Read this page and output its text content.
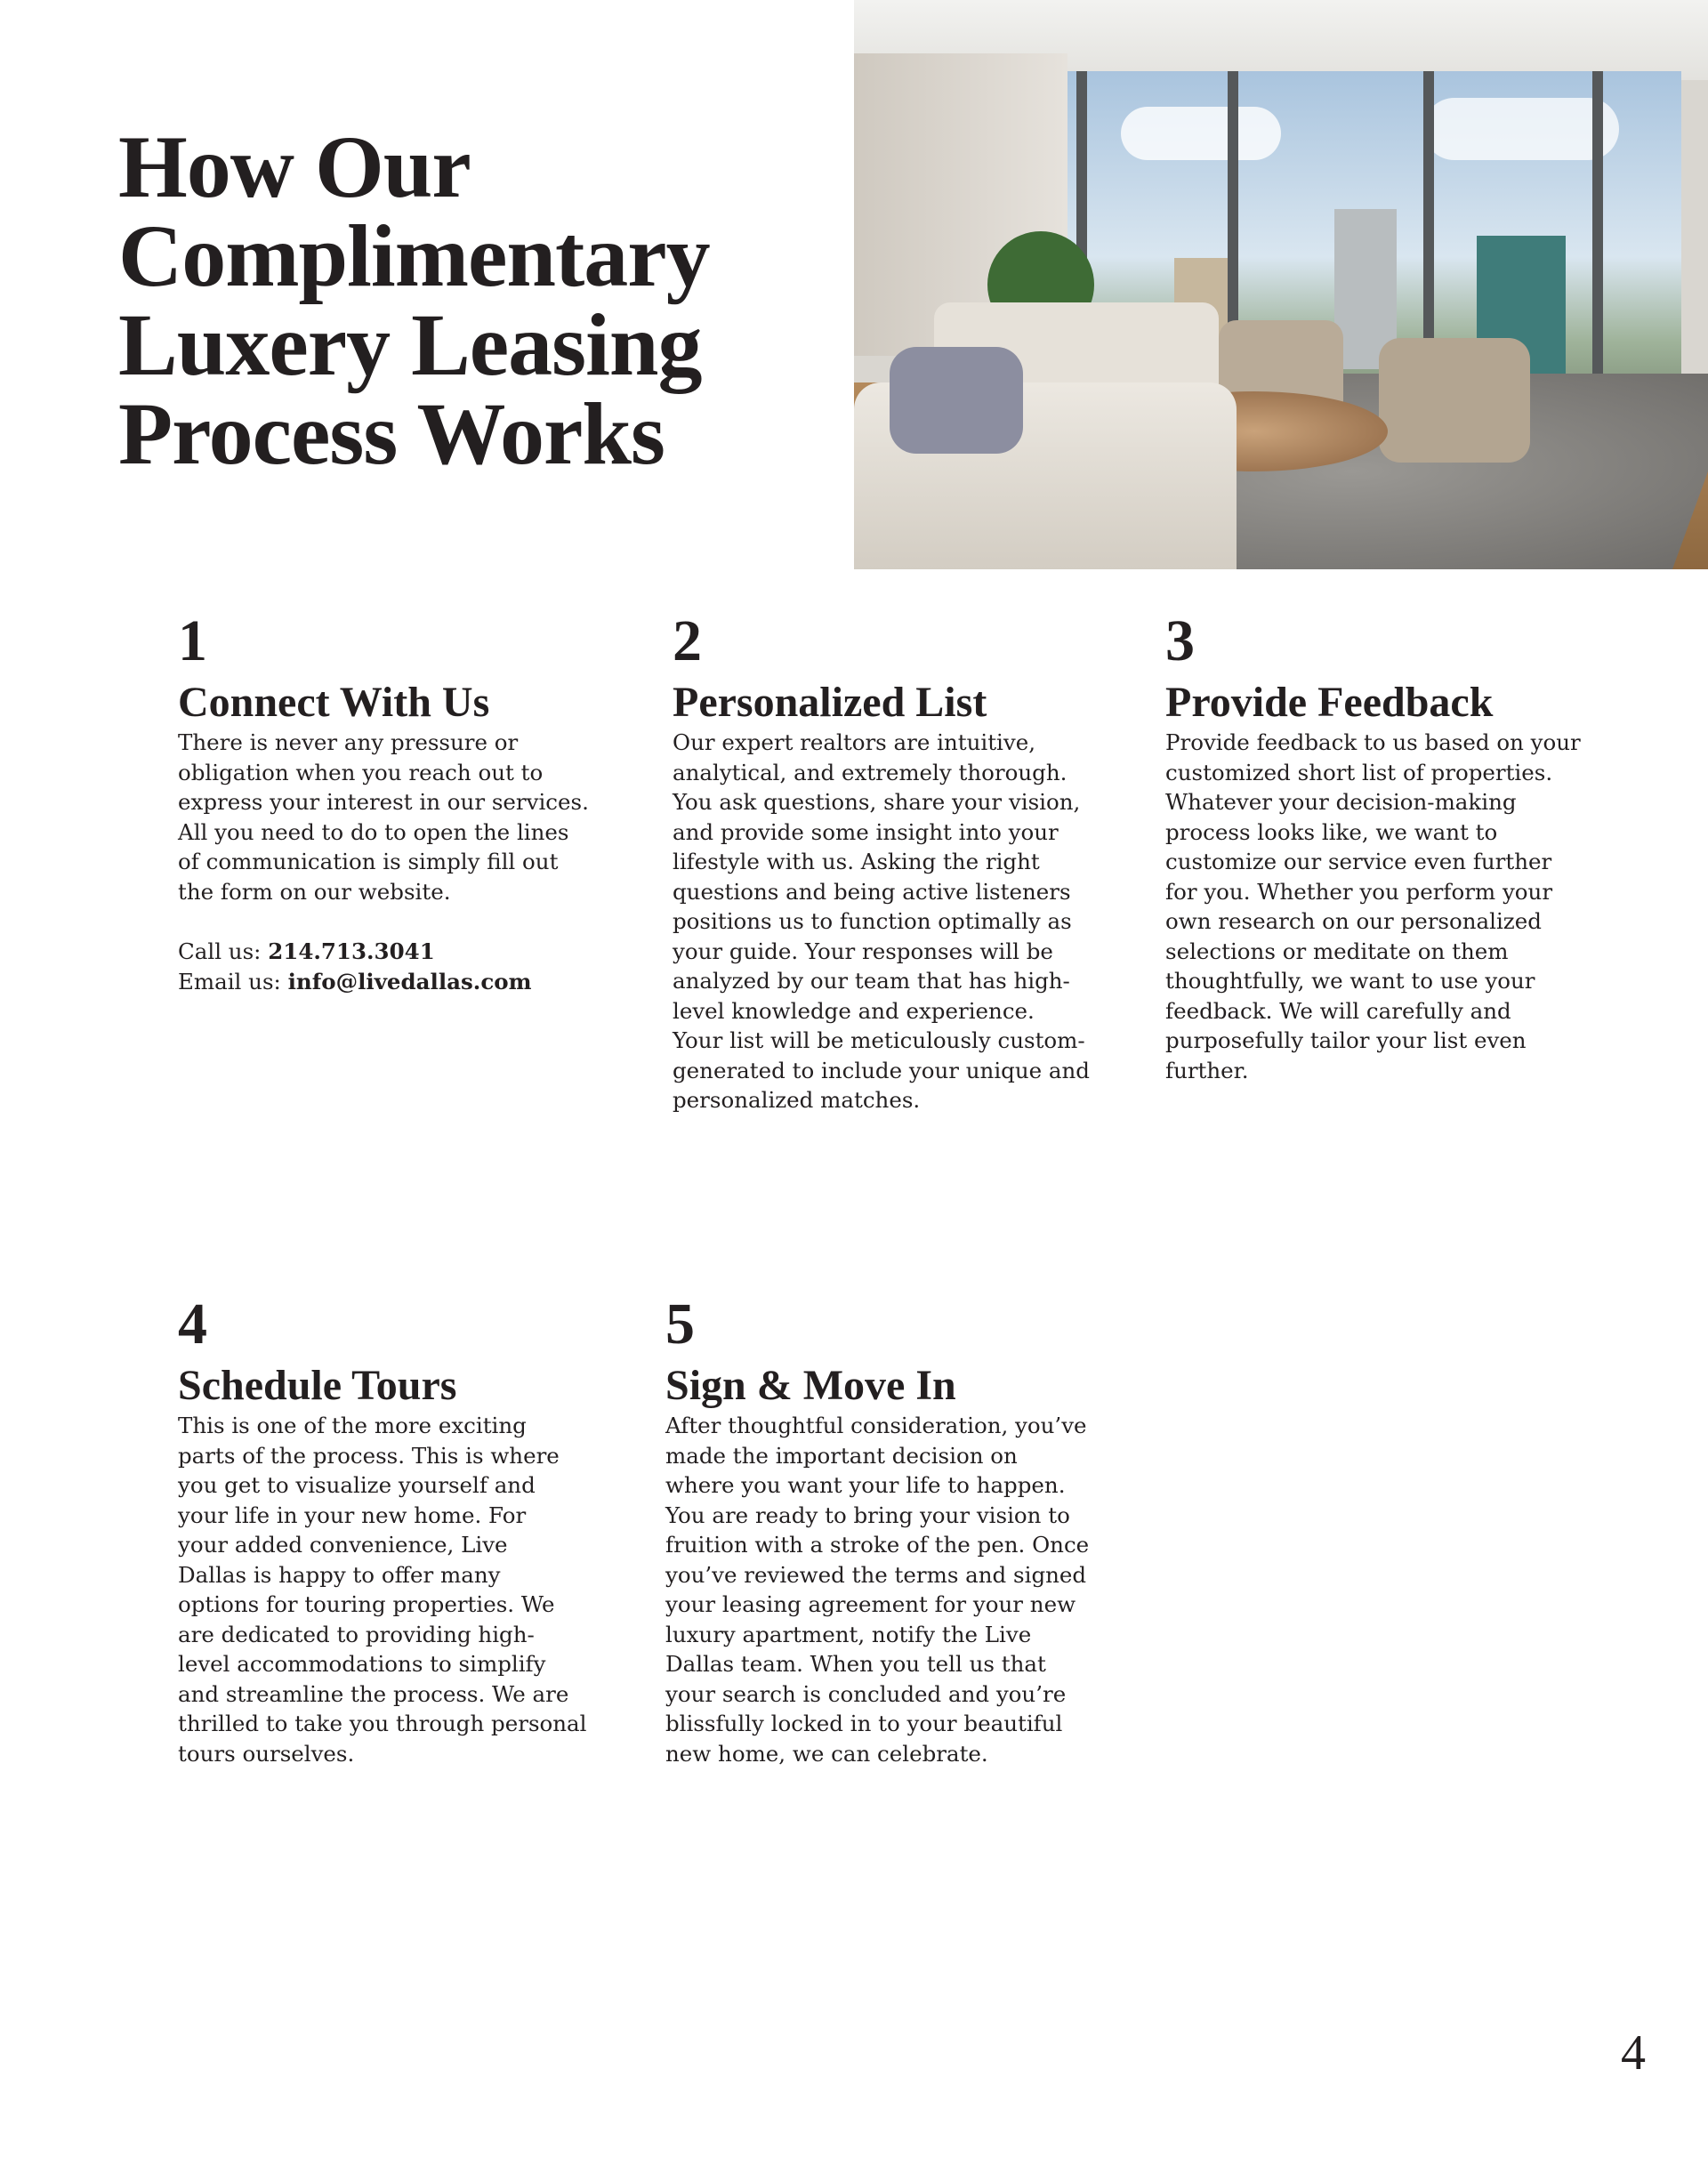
How Our
Complimentary
Luxery Leasing
Process Works
1
Connect With Us
There is never any pressure or
obligation when you reach out to
express your interest in our services.
All you need to do to open the lines
of communication is simply fill out
the form on our website.
Call us: 214.713.3041
Email us: info@livedallas.com
2
Personalized List
Our expert realtors are intuitive,
analytical, and extremely thorough.
You ask questions, share your vision,
and provide some insight into your
lifestyle with us. Asking the right
questions and being active listeners
positions us to function optimally as
your guide. Your responses will be
analyzed by our team that has high-
level knowledge and experience.
Your list will be meticulously custom-
generated to include your unique and
personalized matches.
3
Provide Feedback
Provide feedback to us based on your
customized short list of properties.
Whatever your decision-making
process looks like, we want to
customize our service even further
for you. Whether you perform your
own research on our personalized
selections or meditate on them
thoughtfully, we want to use your
feedback. We will carefully and
purposefully tailor your list even
further.
4
Schedule Tours
This is one of the more exciting
parts of the process. This is where
you get to visualize yourself and
your life in your new home. For
your added convenience, Live
Dallas is happy to offer many
options for touring properties. We
are dedicated to providing high-
level accommodations to simplify
and streamline the process. We are
thrilled to take you through personal
tours ourselves.
5
Sign & Move In
After thoughtful consideration, you’ve
made the important decision on
where you want your life to happen.
You are ready to bring your vision to
fruition with a stroke of the pen. Once
you’ve reviewed the terms and signed
your leasing agreement for your new
luxury apartment, notify the Live
Dallas team. When you tell us that
your search is concluded and you’re
blissfully locked in to your beautiful
new home, we can celebrate.
4
